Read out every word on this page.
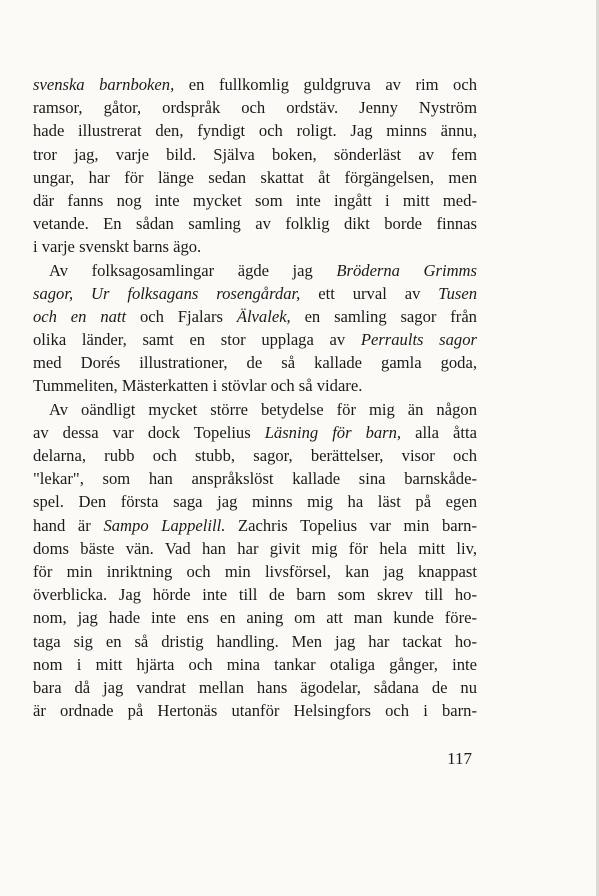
svenska barnboken, en fullkomlig guldgruva av rim och
ramsor, gåtor, ordspråk och ordstäv. Jenny Nyström
hade illustrerat den, fyndigt och roligt. Jag minns ännu,
tror jag, varje bild. Själva boken, sönderläst av fem
ungar, har för länge sedan skattat åt förgängelsen, men
där fanns nog inte mycket som inte ingått i mitt med-
vetande. En sådan samling av folklig dikt borde finnas
i varje svenskt barns ägo.
Av folksagosamlingar ägde jag Bröderna Grimms
sagor, Ur folksagans rosengårdar, ett urval av Tusen
och en natt och Fjalars Älvalek, en samling sagor från
olika länder, samt en stor upplaga av Perraults sagor
med Dorés illustrationer, de så kallade gamla goda,
Tummeliten, Mästerkatten i stövlar och så vidare.
Av oändligt mycket större betydelse för mig än någon
av dessa var dock Topelius Läsning för barn, alla åtta
delarna, rubb och stubb, sagor, berättelser, visor och
"lekar", som han anspråkslöst kallade sina barnskåde-
spel. Den första saga jag minns mig ha läst på egen
hand är Sampo Lappelill. Zachris Topelius var min barn-
doms bäste vän. Vad han har givit mig för hela mitt liv,
för min inriktning och min livsförsel, kan jag knappast
överblicka. Jag hörde inte till de barn som skrev till ho-
nom, jag hade inte ens en aning om att man kunde före-
taga sig en så dristig handling. Men jag har tackat ho-
nom i mitt hjärta och mina tankar otaliga gånger, inte
bara då jag vandrat mellan hans ägodelar, sådana de nu
är ordnade på Hertonäs utanför Helsingfors och i barn-
117
